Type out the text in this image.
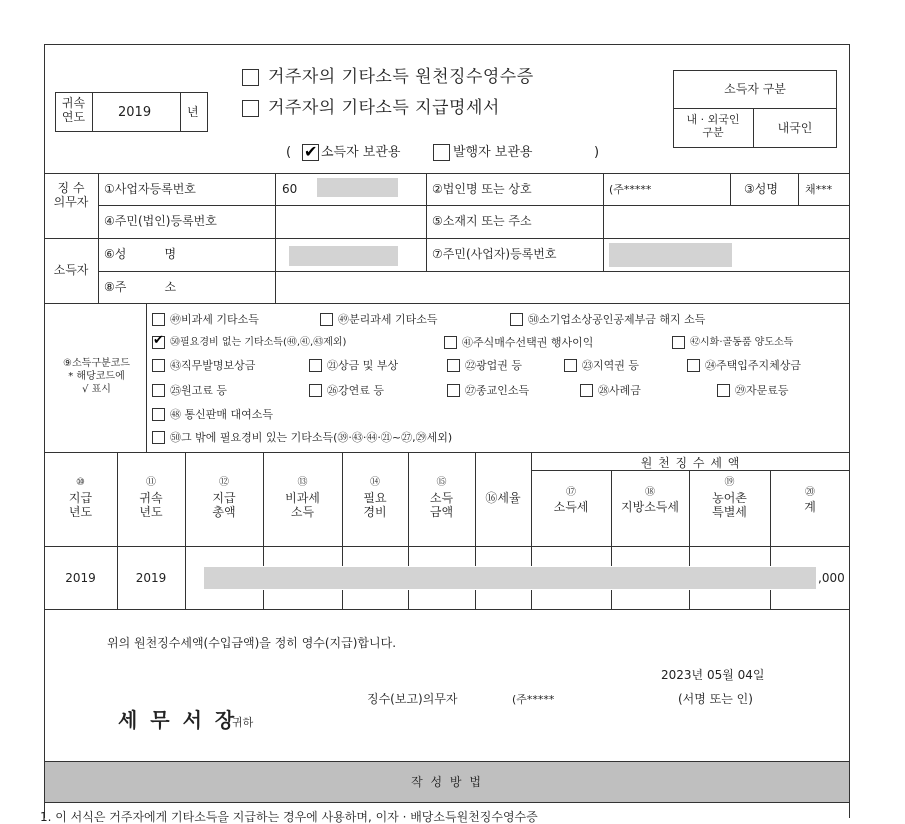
귀속
연도	2019	년
거주자의 기타소득 원천징수영수증
거주자의 기타소득 지급명세서
(
✔ 소득자 보관용	발행자 보관용	)
소득자 구분
내 · 외국인
구분	내국인
징 수
의무자
①사업자등록번호	60	②법인명 또는 상호	(주*****	③성명 채***
④주민(법인)등록번호	⑤소재지 또는 주소
소득자
⑥성          명	⑦주민(사업자)등록번호
⑧주          소
⑨소득구분코드
* 해당코드에
√ 표시
㊾비과세 기타소득	㊾분리과세 기타소득	㊿소기업소상공인공제부금 해지 소득
✔
㊿필요경비 없는 기타소득(㊵,㊶,㊸제외)	㊶주식매수선택권 행사이익	㊷시화·골동품 양도소득
㊸직무발명보상금	㉑상금 및 부상	㉒광업권 등	㉓지역권 등	㉔주택입주지체상금
㉕원고료 등	㉖강연료 등	㉗종교인소득	㉘사례금	㉙자문료등
㊽ 통신판매 대여소득
㊿그 밖에 필요경비 있는 기타소득(㊴·㊸·㊹·㉑~㉗,㉙세외)
원 천 징 수 세 액
⑩
지급
년도
⑪
귀속
년도
⑫
지급
총액
⑬
비과세
소득
⑭
필요
경비
⑮
소득
금액
⑯세율	⑰
소득세
⑱
지방소득세
⑲
농어촌
특별세
⑳
계
2019	2019	,000
위의 원천징수세액(수입금액)을 정히 영수(지급)합니다.
2023년 05월 04일
징수(보고)의무자	(주*****	(서명 또는 인)
세 무 서 장
귀하
작 성 방 법
1. 이 서식은 거주자에게 기타소득을 지급하는 경우에 사용하며, 이자 · 배당소득원천징수영수증
